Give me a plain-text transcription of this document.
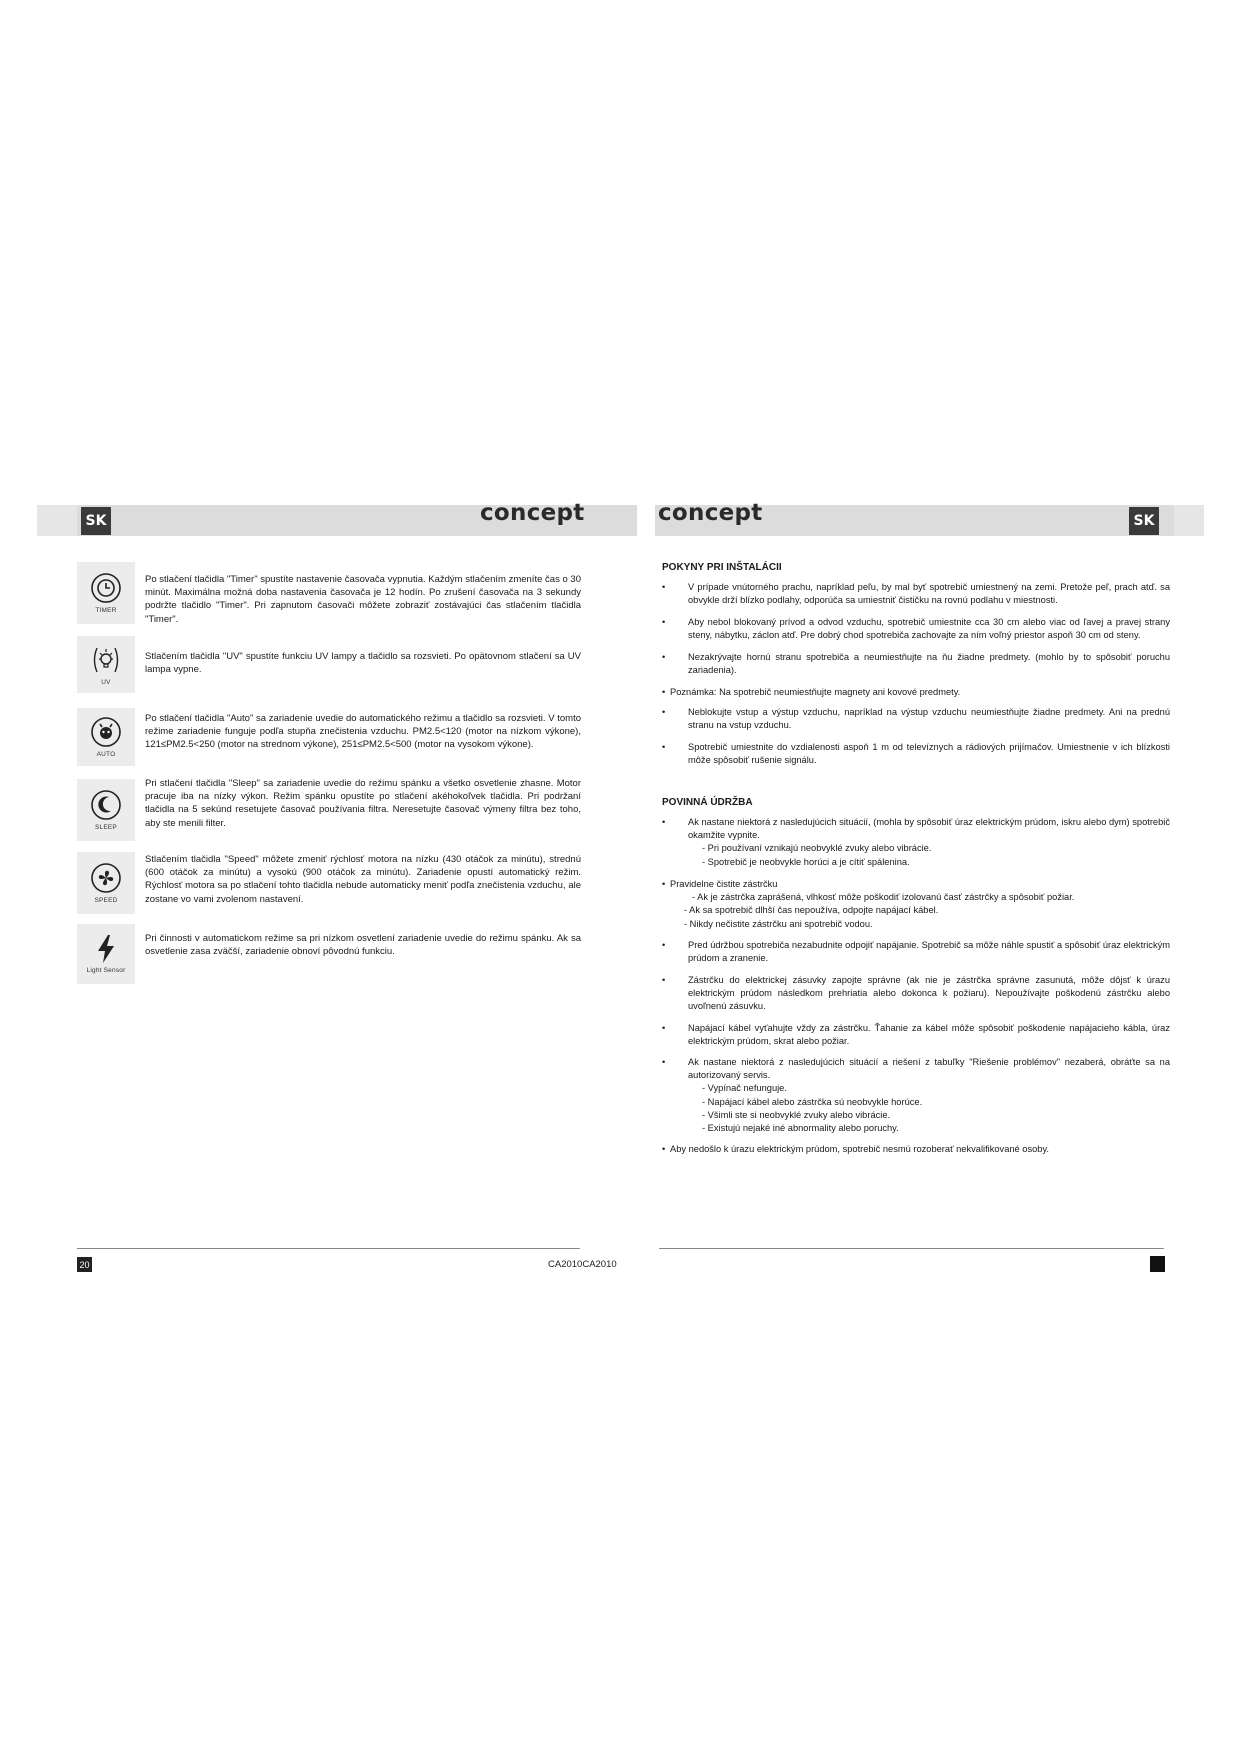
SK	SK
concept	concept
TIMER
Po stlačení tlačidla "Timer" spustíte nastavenie časovača vypnutia. Každým stlačením zmeníte čas o 30 minút. Maximálna možná doba nastavenia časovača je 12 hodín. Po zrušení časovača na 3 sekundy podržte tlačidlo "Timer". Pri zapnutom časovači môžete zobraziť zostávajúci čas stlačením tlačidla "Timer".
UV
Stlačením tlačidla "UV" spustíte funkciu UV lampy a tlačidlo sa rozsvieti. Po opätovnom stlačení sa UV lampa vypne.
AUTO
Po stlačení tlačidla "Auto" sa zariadenie uvedie do automatického režimu a tlačidlo sa rozsvieti. V tomto režime zariadenie funguje podľa stupňa znečistenia vzduchu. PM2.5<120 (motor na nízkom výkone), 121≤PM2.5<250 (motor na strednom výkone), 251≤PM2.5<500 (motor na vysokom výkone).
SLEEP
Pri stlačení tlačidla "Sleep" sa zariadenie uvedie do režimu spánku a všetko osvetlenie zhasne. Motor pracuje iba na nízky výkon. Režim spánku opustíte po stlačení akéhokoľvek tlačidla. Pri podržaní tlačidla na 5 sekúnd resetujete časovač používania filtra. Neresetujte časovač výmeny filtra bez toho, aby ste menili filter.
SPEED
Stlačením tlačidla "Speed" môžete zmeniť rýchlosť motora na nízku (430 otáčok za minútu), strednú (600 otáčok za minútu) a vysokú (900 otáčok za minútu). Zariadenie opustí automatický režim. Rýchlosť motora sa po stlačení tohto tlačidla nebude automaticky meniť podľa znečistenia vzduchu, ale zostane vo vami zvolenom nastavení.
Light Sensor
Pri činnosti v automatickom režime sa pri nízkom osvetlení zariadenie uvedie do režimu spánku. Ak sa osvetlenie zasa zväčší, zariadenie obnoví pôvodnú funkciu.
POKYNY PRI INŠTALÁCII
• V prípade vnútorného prachu, napríklad peľu, by mal byť spotrebič umiestnený na zemi. Pretože peľ, prach atď. sa obvykle drží blízko podlahy, odporúča sa umiestniť čističku na rovnú podlahu v miestnosti.
• Aby nebol blokovaný prívod a odvod vzduchu, spotrebič umiestnite cca 30 cm alebo viac od ľavej a pravej strany steny, nábytku, záclon atď. Pre dobrý chod spotrebiča zachovajte za ním voľný priestor aspoň 30 cm od steny.
• Nezakrývajte hornú stranu spotrebiča a neumiestňujte na ňu žiadne predmety. (mohlo by to spôsobiť poruchu zariadenia).
• Poznámka: Na spotrebič neumiestňujte magnety ani kovové predmety.
• Neblokujte vstup a výstup vzduchu, napríklad na výstup vzduchu neumiestňujte žiadne predmety. Ani na prednú stranu na vstup vzduchu.
• Spotrebič umiestnite do vzdialenosti aspoň 1 m od televíznych a rádiových prijímačov. Umiestnenie v ich blízkosti môže spôsobiť rušenie signálu.
POVINNÁ ÚDRŽBA
• Ak nastane niektorá z nasledujúcich situácií, (mohla by spôsobiť úraz elektrickým prúdom, iskru alebo dym) spotrebič okamžite vypnite.
- Pri používaní vznikajú neobvyklé zvuky alebo vibrácie.
- Spotrebič je neobvykle horúci a je cítiť spálenina.
• Pravidelne čistite zástrčku
- Ak je zástrčka zaprášená, vlhkosť môže poškodiť izolovanú časť zástrčky a spôsobiť požiar.
- Ak sa spotrebič dlhší čas nepoužíva, odpojte napájací kábel.
- Nikdy nečistite zástrčku ani spotrebič vodou.
• Pred údržbou spotrebiča nezabudnite odpojiť napájanie. Spotrebič sa môže náhle spustiť a spôsobiť úraz elektrickým prúdom a zranenie.
• Zástrčku do elektrickej zásuvky zapojte správne (ak nie je zástrčka správne zasunutá, môže dôjsť k úrazu elektrickým prúdom následkom prehriatia alebo dokonca k požiaru). Nepoužívajte poškodenú zástrčku alebo uvoľnenú zásuvku.
• Napájací kábel vyťahujte vždy za zástrčku. Ťahanie za kábel môže spôsobiť poškodenie napájacieho kábla, úraz elektrickým prúdom, skrat alebo požiar.
• Ak nastane niektorá z nasledujúcich situácií a riešení z tabuľky "Riešenie problémov" nezaberá, obráťte sa na autorizovaný servis.
- Vypínač nefunguje.
- Napájací kábel alebo zástrčka sú neobvykle horúce.
- Všimli ste si neobvyklé zvuky alebo vibrácie.
- Existujú nejaké iné abnormality alebo poruchy.
• Aby nedošlo k úrazu elektrickým prúdom, spotrebič nesmú rozoberať nekvalifikované osoby.
20	CA2010CA2010
